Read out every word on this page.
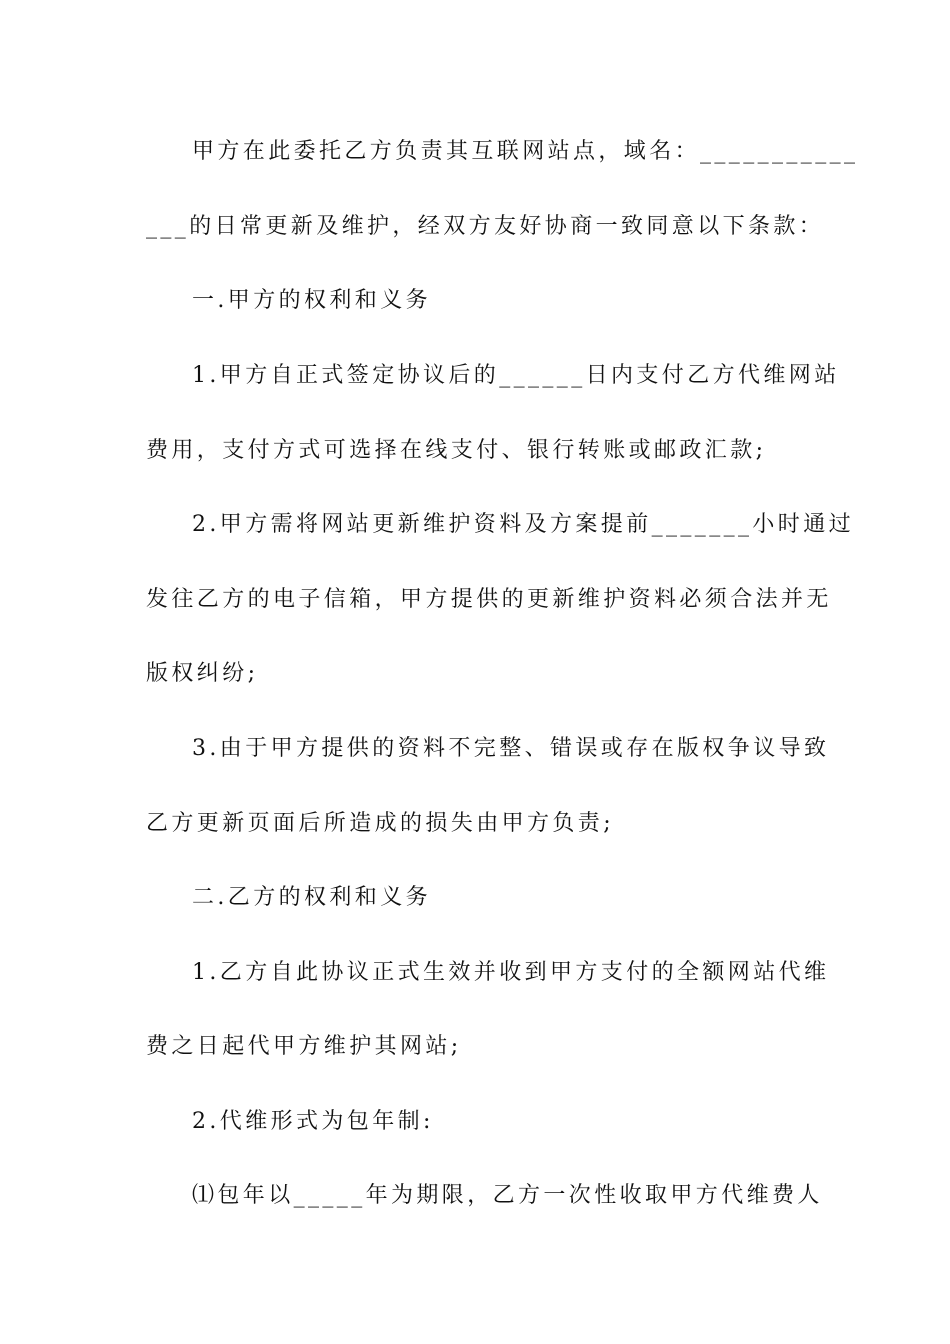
甲方在此委托乙方负责其互联网站点，域名：___________
___的日常更新及维护，经双方友好协商一致同意以下条款：
一.甲方的权利和义务
1.甲方自正式签定协议后的______日内支付乙方代维网站
费用，支付方式可选择在线支付、银行转账或邮政汇款;
2.甲方需将网站更新维护资料及方案提前_______小时通过
发往乙方的电子信箱，甲方提供的更新维护资料必须合法并无
版权纠纷;
3.由于甲方提供的资料不完整、错误或存在版权争议导致
乙方更新页面后所造成的损失由甲方负责;
二.乙方的权利和义务
1.乙方自此协议正式生效并收到甲方支付的全额网站代维
费之日起代甲方维护其网站;
2.代维形式为包年制:
⑴包年以_____年为期限，乙方一次性收取甲方代维费人
